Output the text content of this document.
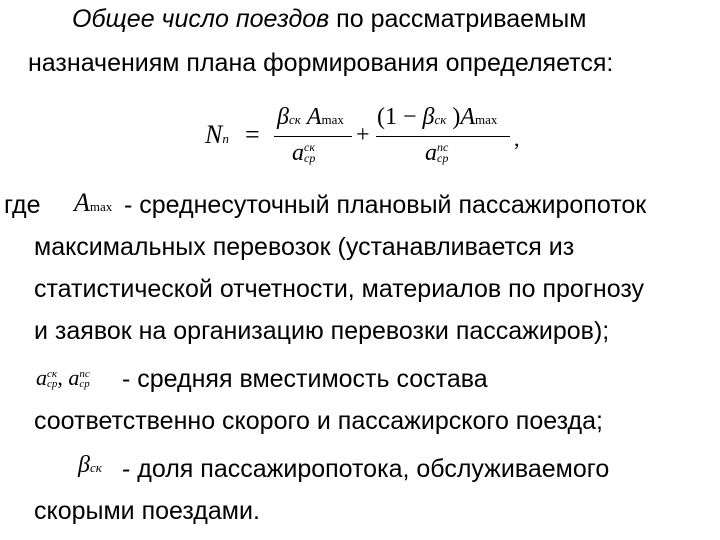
Общее число поездов по рассматриваемым
назначениям плана формирования определяется:
Nп =
βск Amax
a ск
ср
+
(1 − βск )Amax
a пс
ср
,
где Amax - среднесуточный плановый пассажиропоток
максимальных перевозок (устанавливается из
статистической отчетности, материалов по прогнозу
и заявок на организацию перевозки пассажиров);
a ск
ср , a пс
ср - средняя вместимость состава
соответственно скорого и пассажирского поезда;
βск - доля пассажиропотока, обслуживаемого
скорыми поездами.
